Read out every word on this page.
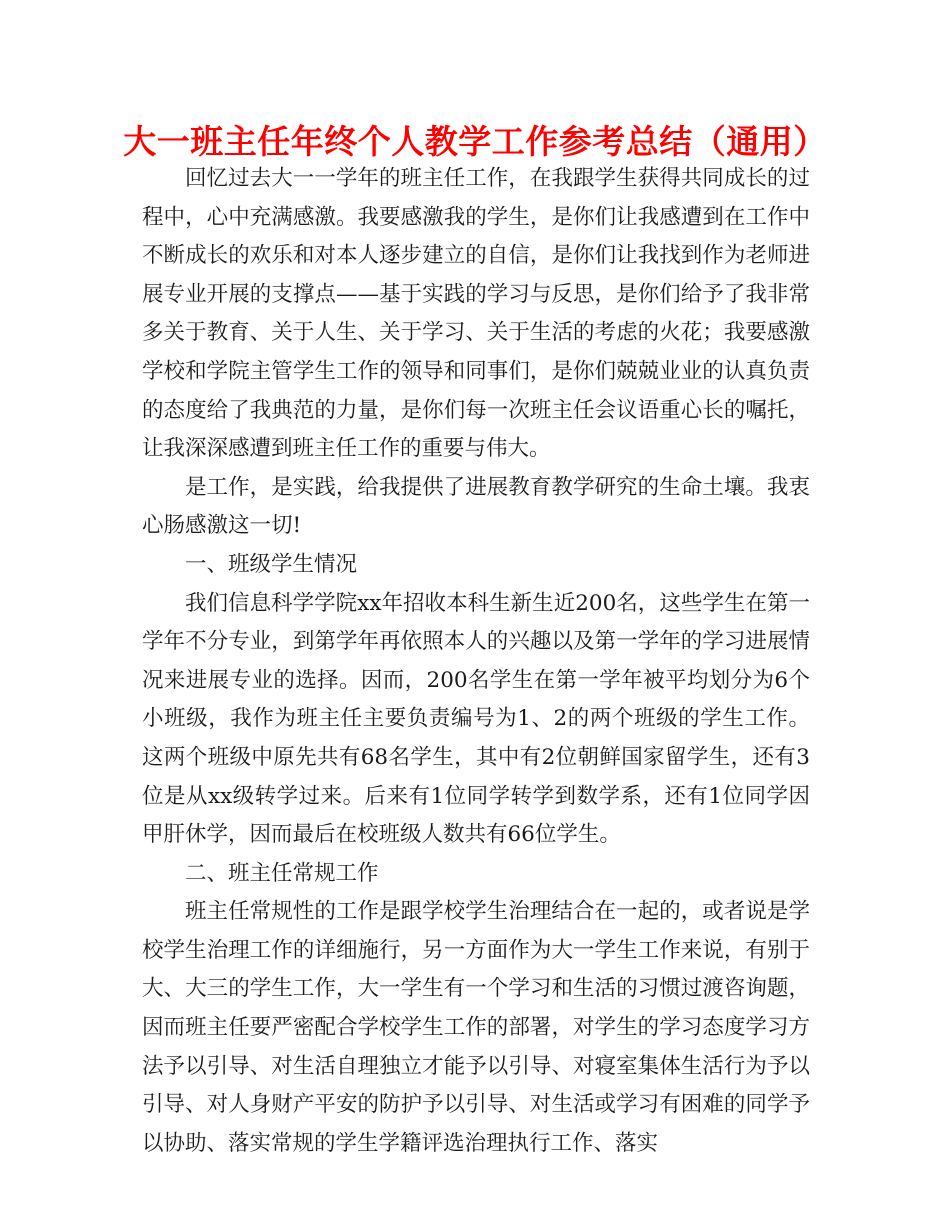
大一班主任年终个人教学工作参考总结（通用）

回忆过去大一一学年的班主任工作，在我跟学生获得共同成长的过程中，心中充满感激。我要感激我的学生，是你们让我感遭到在工作中不断成长的欢乐和对本人逐步建立的自信，是你们让我找到作为老师进展专业开展的支撑点——基于实践的学习与反思，是你们给予了我非常多关于教育、关于人生、关于学习、关于生活的考虑的火花；我要感激学校和学院主管学生工作的领导和同事们，是你们兢兢业业的认真负责的态度给了我典范的力量，是你们每一次班主任会议语重心长的嘱托，让我深深感遭到班主任工作的重要与伟大。

是工作，是实践，给我提供了进展教育教学研究的生命土壤。我衷心肠感激这一切!

一、班级学生情况

我们信息科学学院xx年招收本科生新生近200名，这些学生在第一学年不分专业，到第学年再依照本人的兴趣以及第一学年的学习进展情况来进展专业的选择。因而，200名学生在第一学年被平均划分为6个小班级，我作为班主任主要负责编号为1、2的两个班级的学生工作。这两个班级中原先共有68名学生，其中有2位朝鲜国家留学生，还有3位是从xx级转学过来。后来有1位同学转学到数学系，还有1位同学因甲肝休学，因而最后在校班级人数共有66位学生。

二、班主任常规工作

班主任常规性的工作是跟学校学生治理结合在一起的，或者说是学校学生治理工作的详细施行，另一方面作为大一学生工作来说，有别于大、大三的学生工作，大一学生有一个学习和生活的习惯过渡咨询题，因而班主任要严密配合学校学生工作的部署，对学生的学习态度学习方法予以引导、对生活自理独立才能予以引导、对寝室集体生活行为予以引导、对人身财产平安的防护予以引导、对生活或学习有困难的同学予以协助、落实常规的学生学籍评选治理执行工作、落实
